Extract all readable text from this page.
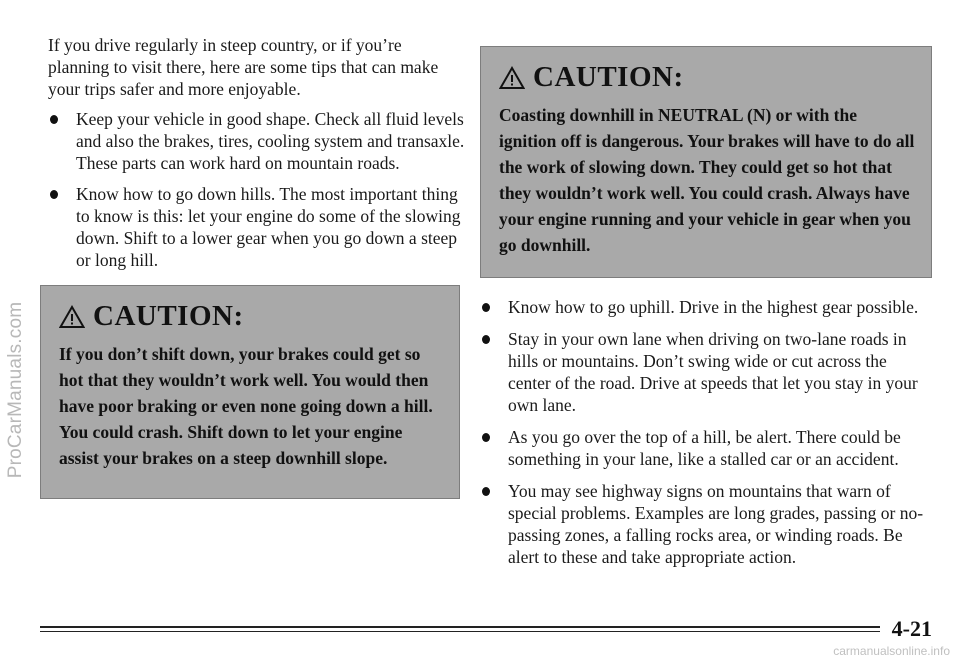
ProCarManuals.com

If you drive regularly in steep country, or if you’re planning to visit there, here are some tips that can make your trips safer and more enjoyable.

Keep your vehicle in good shape. Check all fluid levels and also the brakes, tires, cooling system and transaxle. These parts can work hard on mountain roads.
Know how to go down hills. The most important thing to know is this: let your engine do some of the slowing down. Shift to a lower gear when you go down a steep or long hill.
CAUTION:
If you don’t shift down, your brakes could get so hot that they wouldn’t work well. You would then have poor braking or even none going down a hill. You could crash. Shift down to let your engine assist your brakes on a steep downhill slope.
CAUTION:
Coasting downhill in NEUTRAL (N) or with the ignition off is dangerous. Your brakes will have to do all the work of slowing down. They could get so hot that they wouldn’t work well. You could crash. Always have your engine running and your vehicle in gear when you go downhill.
Know how to go uphill. Drive in the highest gear possible.
Stay in your own lane when driving on two-lane roads in hills or mountains. Don’t swing wide or cut across the center of the road. Drive at speeds that let you stay in your own lane.
As you go over the top of a hill, be alert. There could be something in your lane, like a stalled car or an accident.
You may see highway signs on mountains that warn of special problems. Examples are long grades, passing or no-passing zones, a falling rocks area, or winding roads. Be alert to these and take appropriate action.
4-21
carmanualsonline.info
